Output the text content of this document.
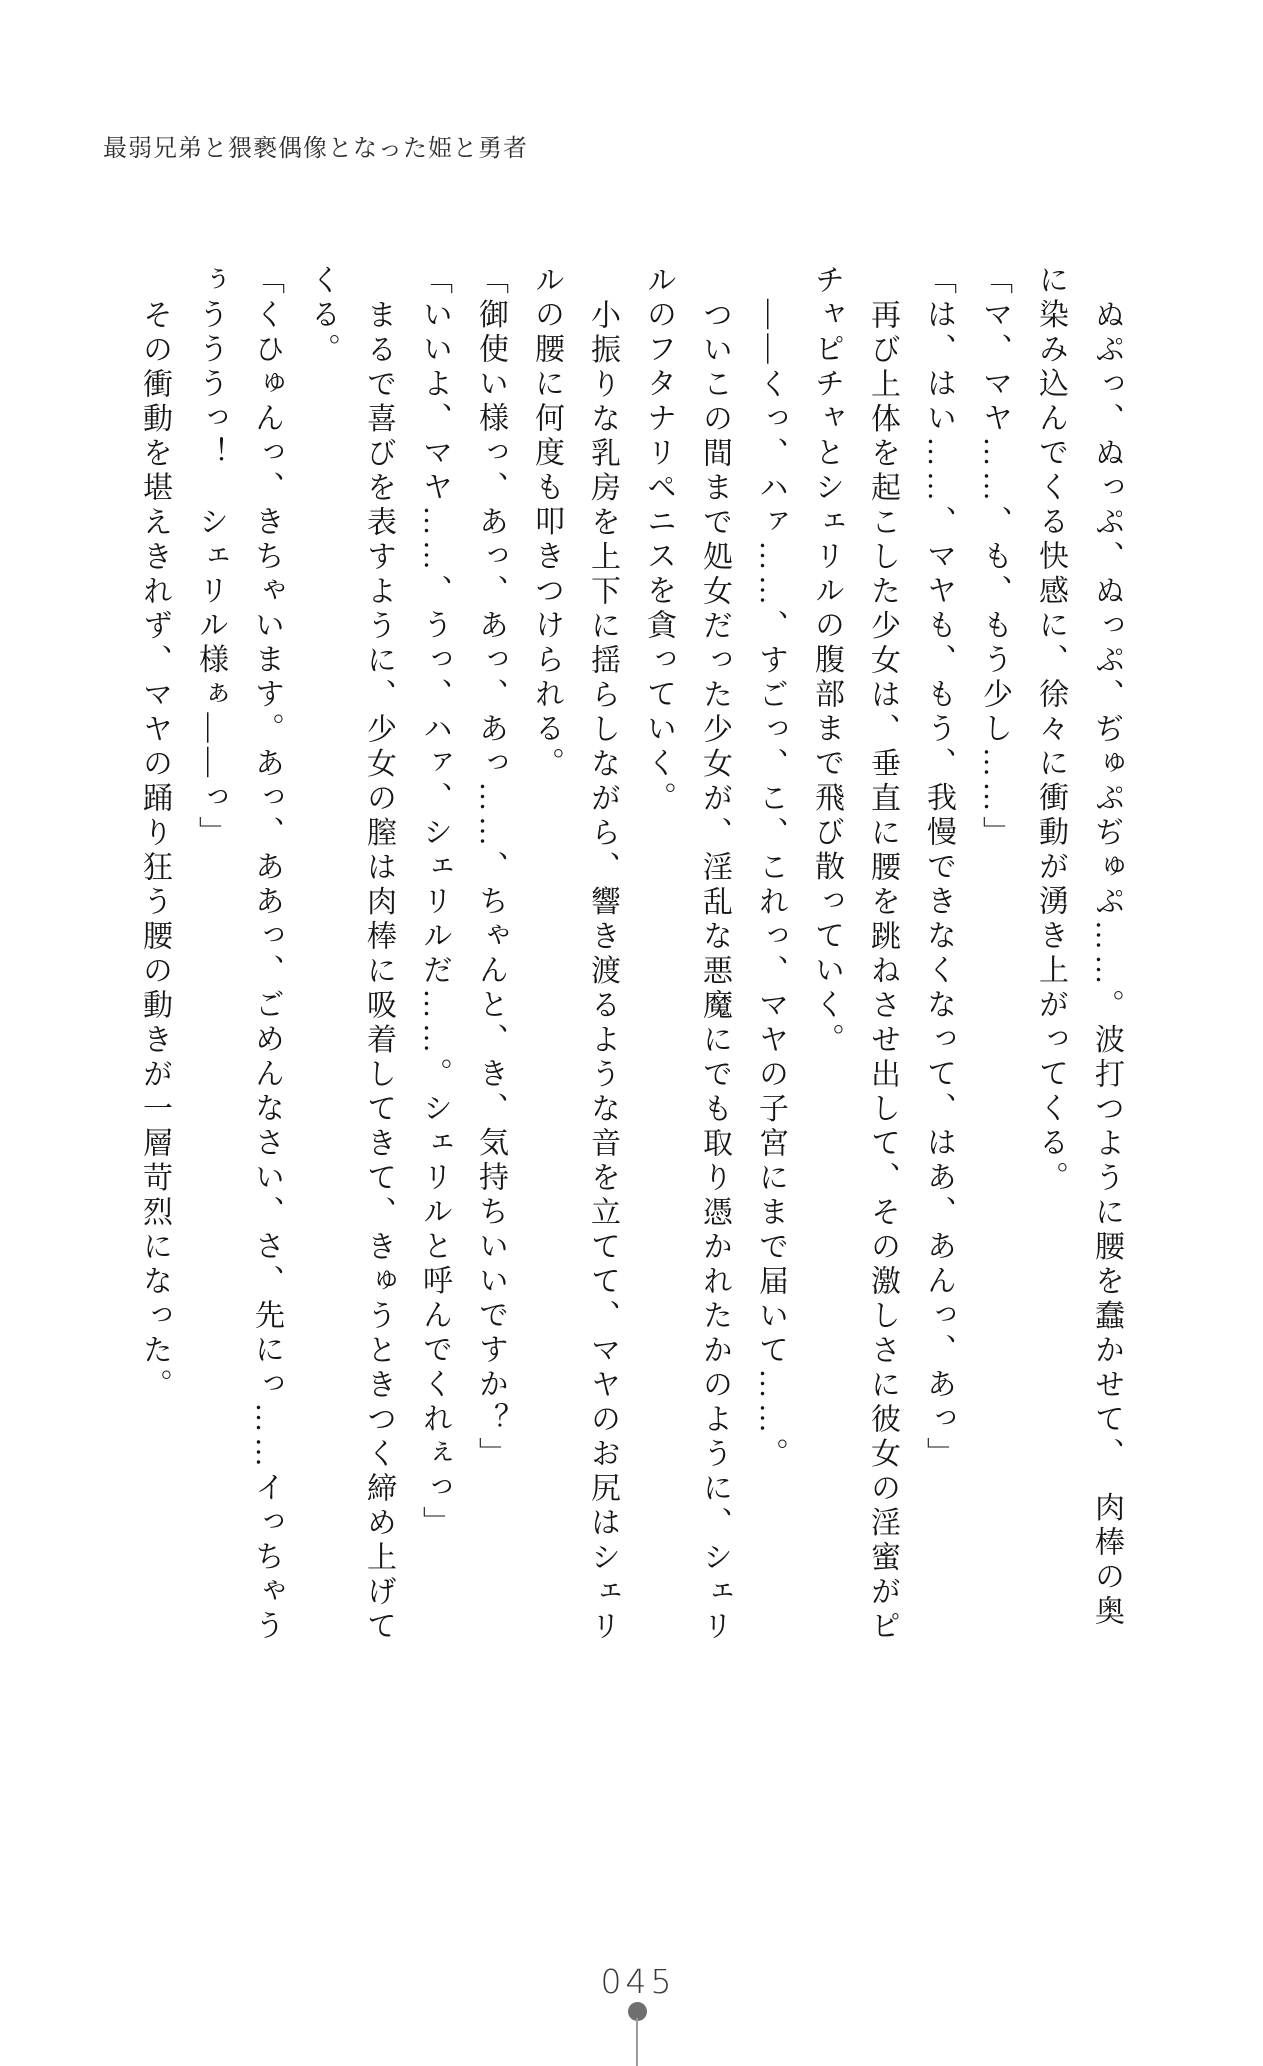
最弱兄弟と猥褻偶像となった姫と勇者
ぬぷっ、ぬっぷ、ぬっぷ、ぢゅぷぢゅぷ……。波打つように腰を蠢かせて、　肉棒の奥
に染み込んでくる快感に、徐々に衝動が湧き上がってくる。
「マ、マヤ……、も、もう少し……」
「は、はい……、マヤも、もう、我慢できなくなって、はあ、あんっ、あっ」
再び上体を起こした少女は、垂直に腰を跳ねさせ出して、その激しさに彼女の淫蜜がピ
チャピチャとシェリルの腹部まで飛び散っていく。
——くっ、ハァ……、すごっ、こ、これっ、マヤの子宮にまで届いて……。
ついこの間まで処女だった少女が、淫乱な悪魔にでも取り憑かれたかのように、シェリ
ルのフタナリペニスを貪っていく。
小振りな乳房を上下に揺らしながら、響き渡るような音を立てて、マヤのお尻はシェリ
ルの腰に何度も叩きつけられる。
「御使い様っ、あっ、あっ、あっ……、ちゃんと、き、気持ちいいですか？」
「いいよ、マヤ……、うっ、ハァ、シェリルだ……。シェリルと呼んでくれぇっ」
まるで喜びを表すように、少女の膣は肉棒に吸着してきて、きゅうときつく締め上げて
くる。
「くひゅんっ、きちゃいます。あっ、ああっ、ごめんなさい、さ、先にっ……イっちゃう
ぅうううっ！　シェリル様ぁ——っ」
その衝動を堪えきれず、マヤの踊り狂う腰の動きが一層苛烈になった。
045
